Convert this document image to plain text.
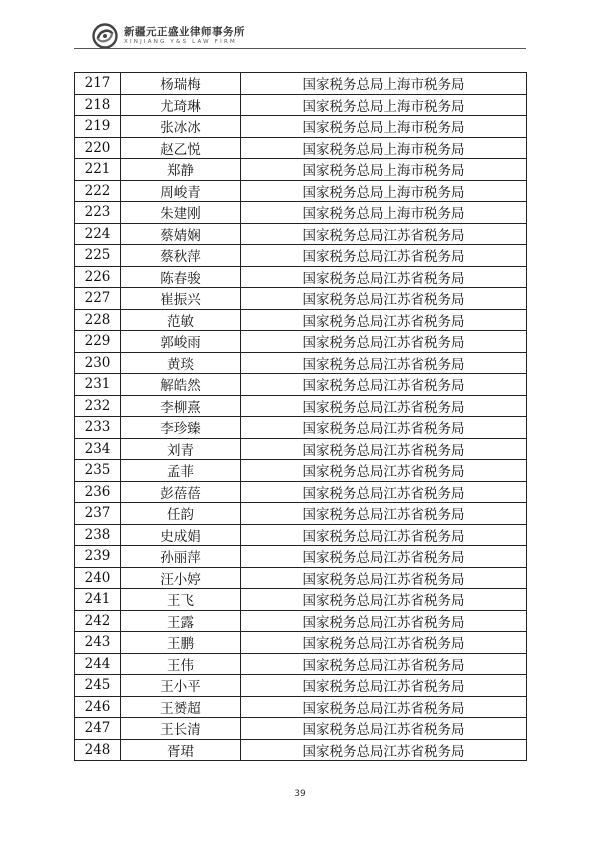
新疆元正盛业律师事务所
XINJIANG Y&S LAW FIRM
217	杨瑞梅	国家税务总局上海市税务局
218	尤琦琳	国家税务总局上海市税务局
219	张冰冰	国家税务总局上海市税务局
220	赵乙悦	国家税务总局上海市税务局
221	郑静	国家税务总局上海市税务局
222	周峻青	国家税务总局上海市税务局
223	朱建刚	国家税务总局上海市税务局
224	蔡婧娴	国家税务总局江苏省税务局
225	蔡秋萍	国家税务总局江苏省税务局
226	陈春骏	国家税务总局江苏省税务局
227	崔振兴	国家税务总局江苏省税务局
228	范敏	国家税务总局江苏省税务局
229	郭峻雨	国家税务总局江苏省税务局
230	黄琰	国家税务总局江苏省税务局
231	解皓然	国家税务总局江苏省税务局
232	李柳熹	国家税务总局江苏省税务局
233	李珍臻	国家税务总局江苏省税务局
234	刘青	国家税务总局江苏省税务局
235	孟菲	国家税务总局江苏省税务局
236	彭蓓蓓	国家税务总局江苏省税务局
237	任韵	国家税务总局江苏省税务局
238	史成娟	国家税务总局江苏省税务局
239	孙丽萍	国家税务总局江苏省税务局
240	汪小婷	国家税务总局江苏省税务局
241	王飞	国家税务总局江苏省税务局
242	王露	国家税务总局江苏省税务局
243	王鹏	国家税务总局江苏省税务局
244	王伟	国家税务总局江苏省税务局
245	王小平	国家税务总局江苏省税务局
246	王赟超	国家税务总局江苏省税务局
247	王长清	国家税务总局江苏省税务局
248	胥珺	国家税务总局江苏省税务局
39
